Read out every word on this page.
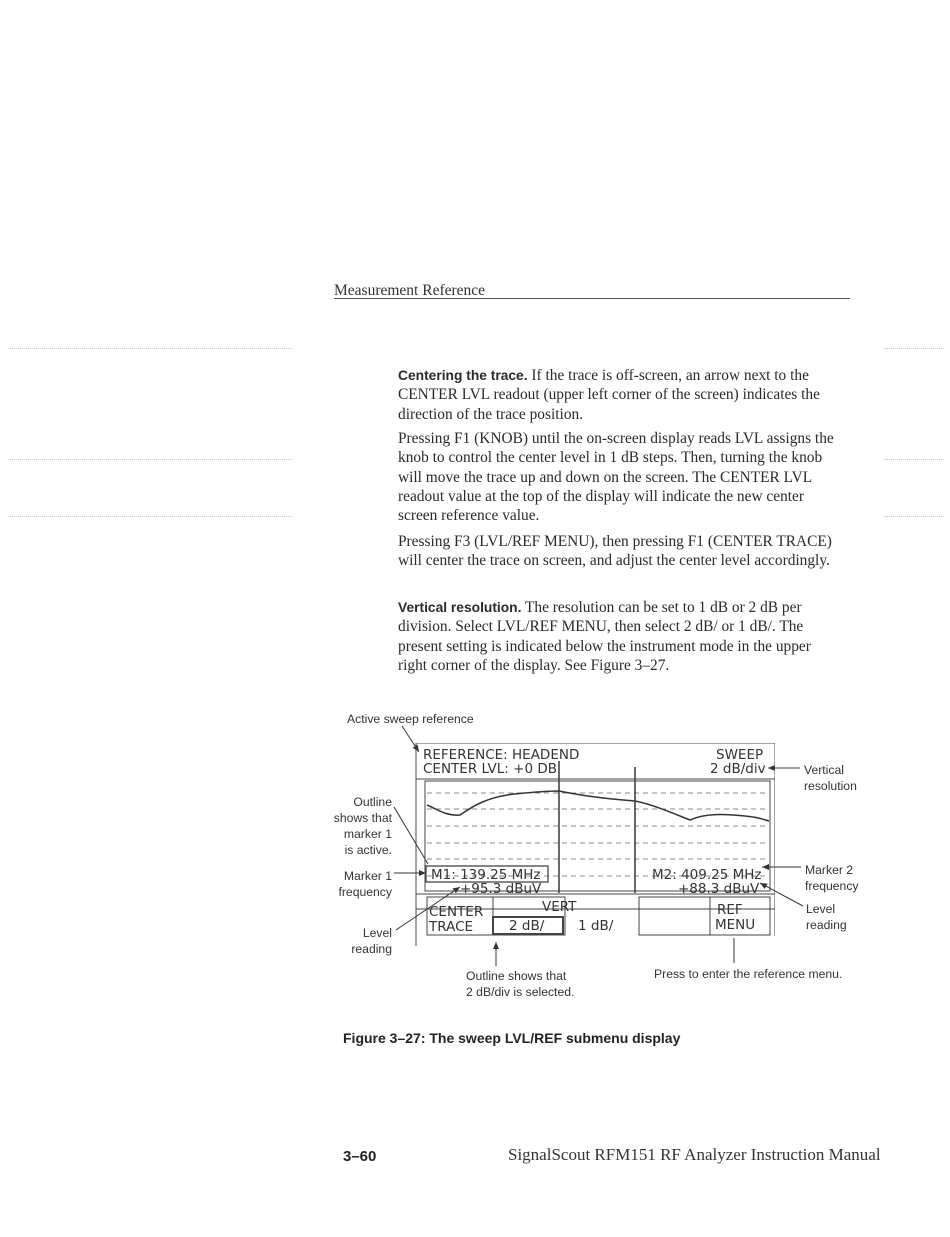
Measurement Reference

Centering the trace. If the trace is off-screen, an arrow next to the CENTER LVL readout (upper left corner of the screen) indicates the direction of the trace position.

Pressing F1 (KNOB) until the on-screen display reads LVL assigns the knob to control the center level in 1 dB steps. Then, turning the knob will move the trace up and down on the screen. The CENTER LVL readout value at the top of the display will indicate the new center screen reference value.

Pressing F3 (LVL/REF MENU), then pressing F1 (CENTER TRACE) will center the trace on screen, and adjust the center level accordingly.

Vertical resolution. The resolution can be set to 1 dB or 2 dB per division. Select LVL/REF MENU, then select 2 dB/ or 1 dB/. The present setting is indicated below the instrument mode in the upper right corner of the display. See Figure 3–27.

Active sweep reference
Outline
shows that
marker 1
is active.
Marker 1
frequency
Level
reading
Vertical
resolution
Marker 2
frequency
Level
reading
Outline shows that
2 dB/div is selected.
Press to enter the reference menu.
REFERENCE: HEADEND
CENTER LVL: +0 DB
SWEEP
2 dB/div
M1: 139.25 MHz
+95.3 dBuV
M2: 409.25 MHz
+88.3 dBuV
CENTER
TRACE
VERT
2 dB/ 1 dB/
REF
MENU
Figure 3–27: The sweep LVL/REF submenu display
3–60	SignalScout RFM151 RF Analyzer Instruction Manual
